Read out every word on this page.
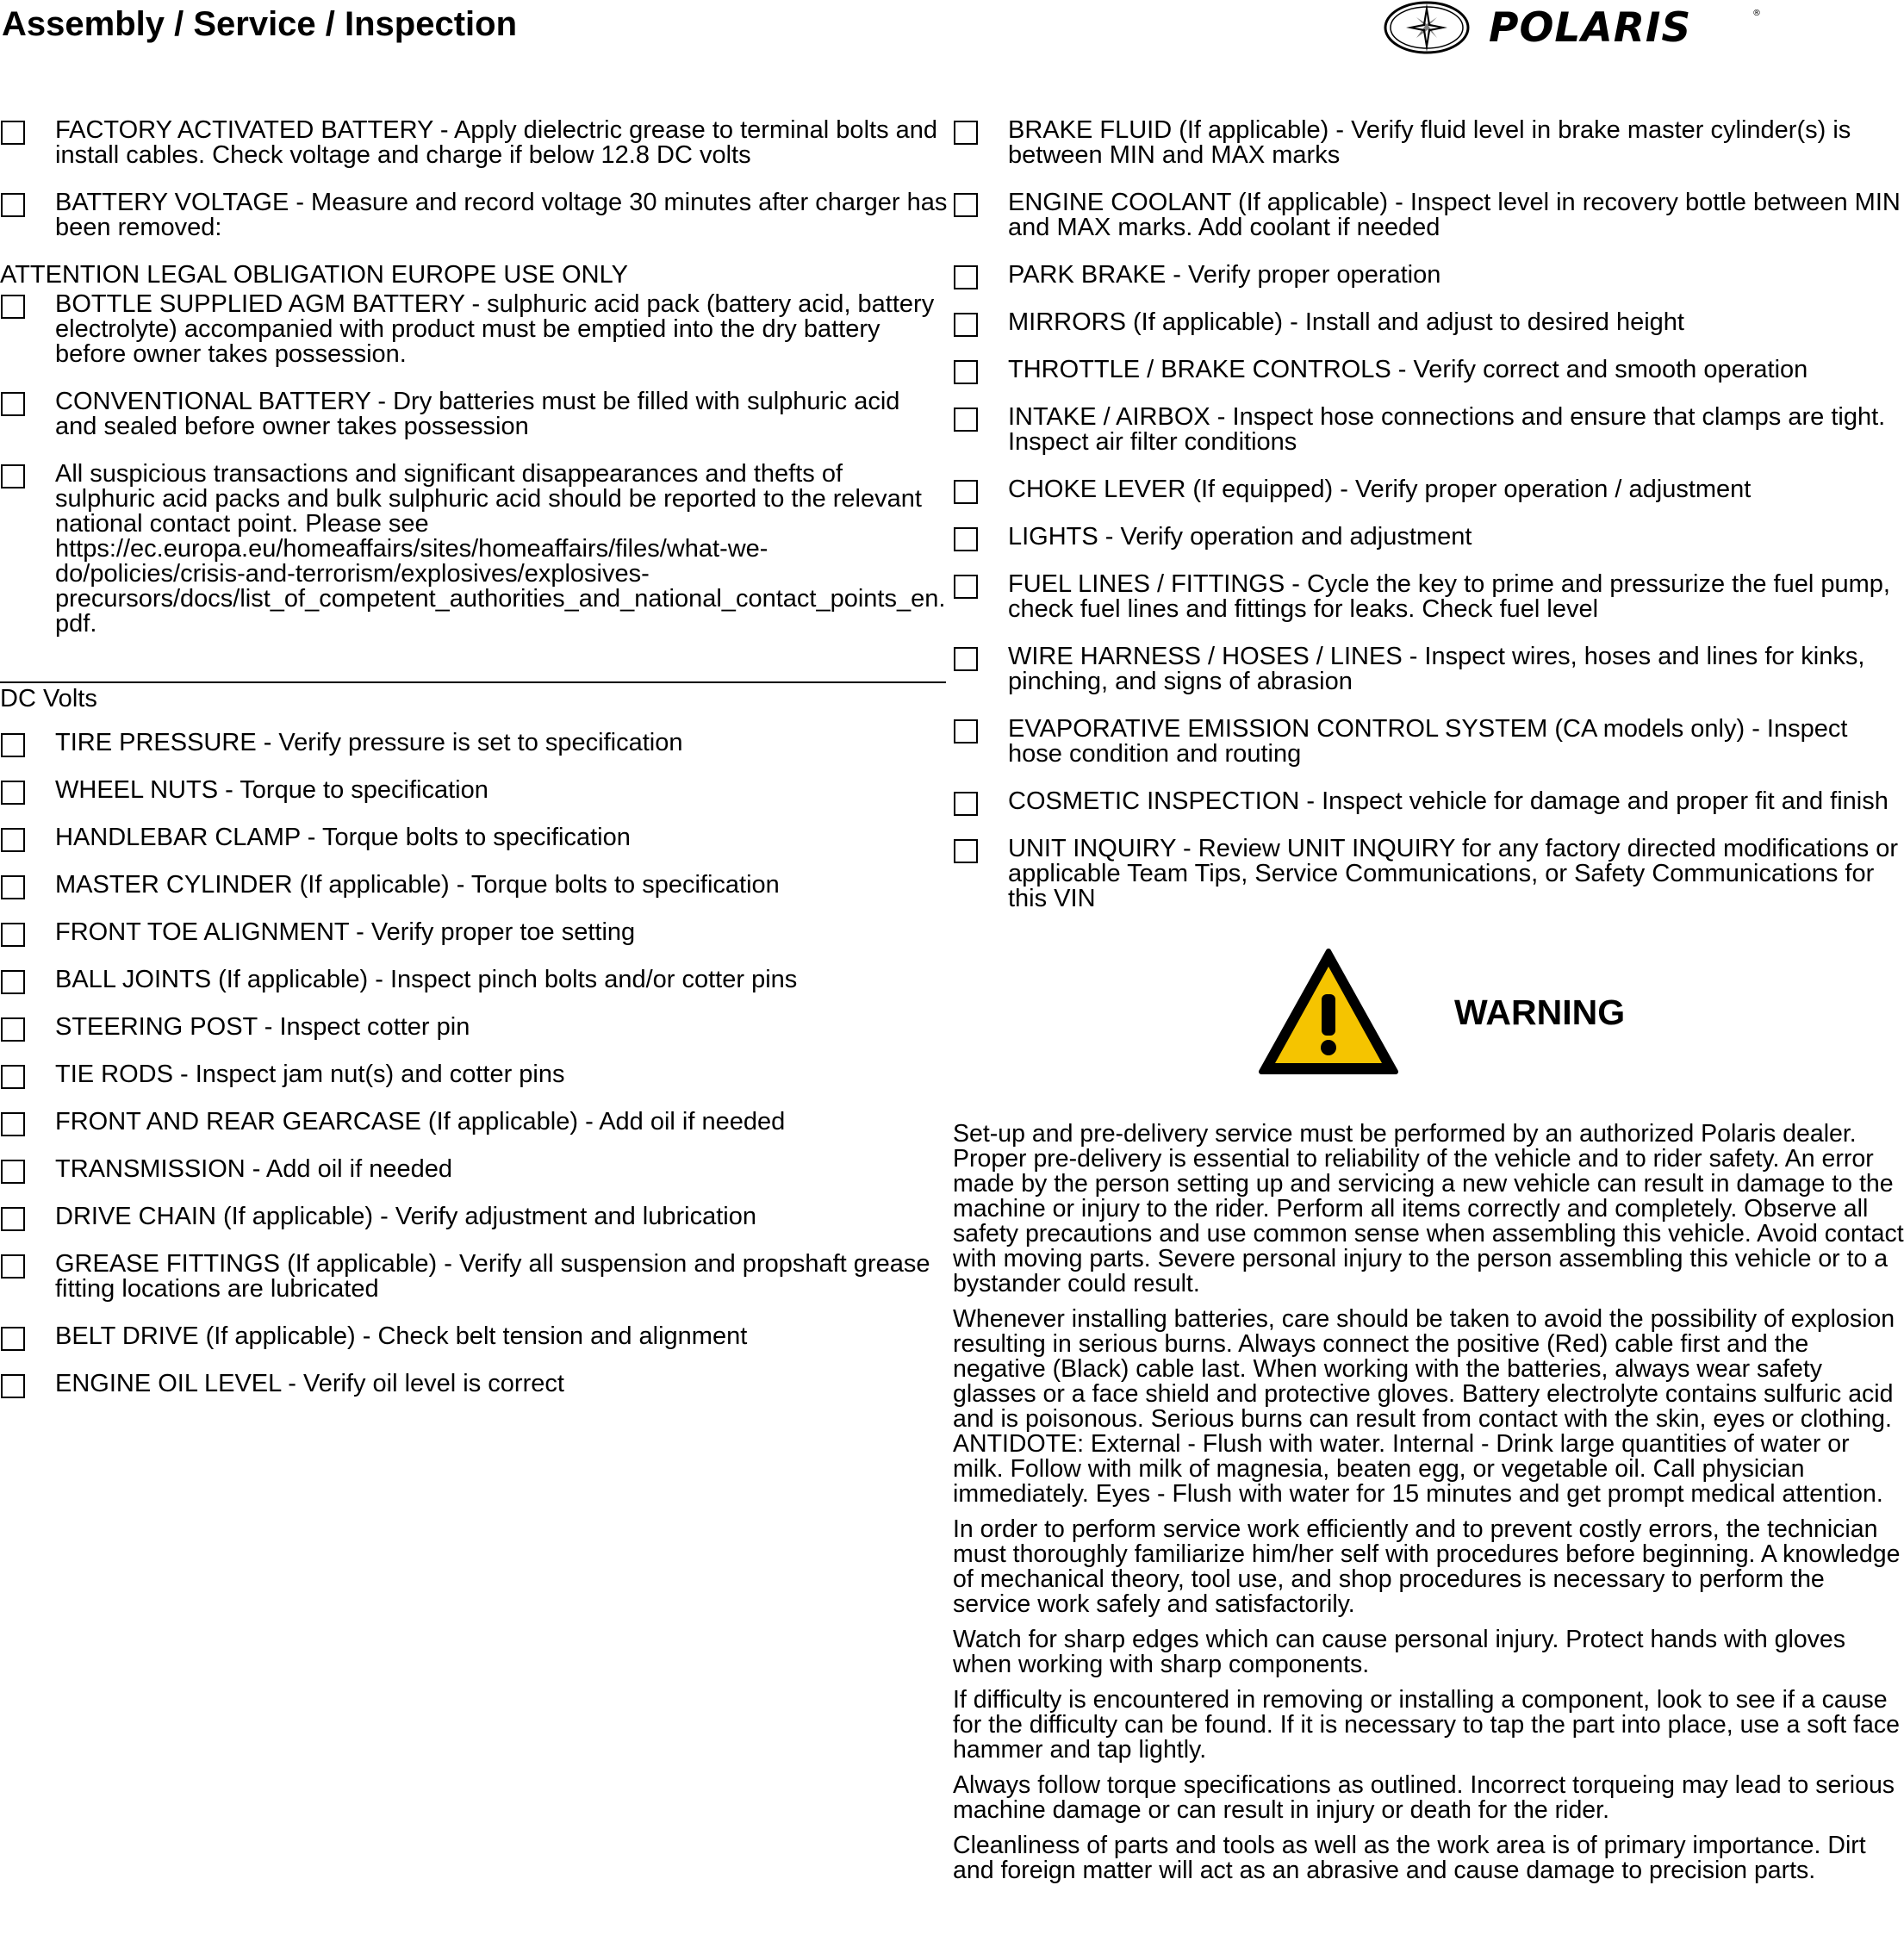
Assembly / Service / Inspection	POLARIS	®
FACTORY ACTIVATED BATTERY - Apply dielectric grease to terminal bolts and install cables. Check voltage and charge if below 12.8 DC volts
BATTERY VOLTAGE - Measure and record voltage 30 minutes after charger has been removed:
ATTENTION LEGAL OBLIGATION EUROPE USE ONLY
BOTTLE SUPPLIED AGM BATTERY - sulphuric acid pack (battery acid, battery electrolyte) accompanied with product must be emptied into the dry battery before owner takes possession.
CONVENTIONAL BATTERY - Dry batteries must be filled with sulphuric acid and sealed before owner takes possession
All suspicious transactions and significant disappearances and thefts of sulphuric acid packs and bulk sulphuric acid should be reported to the relevant national contact point. Please see https://ec.europa.eu/homeaffairs/sites/homeaffairs/files/what-we-do/policies/crisis-and-terrorism/explosives/explosives-precursors/docs/list_of_competent_authorities_and_national_contact_points_en.pdf.
DC Volts
TIRE PRESSURE - Verify pressure is set to specification
WHEEL NUTS - Torque to specification
HANDLEBAR CLAMP - Torque bolts to specification
MASTER CYLINDER (If applicable) - Torque bolts to specification
FRONT TOE ALIGNMENT - Verify proper toe setting
BALL JOINTS (If applicable) - Inspect pinch bolts and/or cotter pins
STEERING POST - Inspect cotter pin
TIE RODS - Inspect jam nut(s) and cotter pins
FRONT AND REAR GEARCASE (If applicable) - Add oil if needed
TRANSMISSION - Add oil if needed
DRIVE CHAIN (If applicable) - Verify adjustment and lubrication
GREASE FITTINGS (If applicable) - Verify all suspension and propshaft grease fitting locations are lubricated
BELT DRIVE (If applicable) - Check belt tension and alignment
ENGINE OIL LEVEL - Verify oil level is correct
BRAKE FLUID (If applicable) - Verify fluid level in brake master cylinder(s) is between MIN and MAX marks
ENGINE COOLANT (If applicable) - Inspect level in recovery bottle between MIN and MAX marks. Add coolant if needed
PARK BRAKE - Verify proper operation
MIRRORS (If applicable) - Install and adjust to desired height
THROTTLE / BRAKE CONTROLS - Verify correct and smooth operation
INTAKE / AIRBOX - Inspect hose connections and ensure that clamps are tight. Inspect air filter conditions
CHOKE LEVER (If equipped) - Verify proper operation / adjustment
LIGHTS - Verify operation and adjustment
FUEL LINES / FITTINGS - Cycle the key to prime and pressurize the fuel pump, check fuel lines and fittings for leaks. Check fuel level
WIRE HARNESS / HOSES / LINES - Inspect wires, hoses and lines for kinks, pinching, and signs of abrasion
EVAPORATIVE EMISSION CONTROL SYSTEM (CA models only) - Inspect hose condition and routing
COSMETIC INSPECTION - Inspect vehicle for damage and proper fit and finish
UNIT INQUIRY - Review UNIT INQUIRY for any factory directed modifications or applicable Team Tips, Service Communications, or Safety Communications for this VIN
WARNING
Set-up and pre-delivery service must be performed by an authorized Polaris dealer. Proper pre-delivery is essential to reliability of the vehicle and to rider safety. An error made by the person setting up and servicing a new vehicle can result in damage to the machine or injury to the rider. Perform all items correctly and completely. Observe all safety precautions and use common sense when assembling this vehicle. Avoid contact with moving parts. Severe personal injury to the person assembling this vehicle or to a bystander could result.
Whenever installing batteries, care should be taken to avoid the possibility of explosion resulting in serious burns. Always connect the positive (Red) cable first and the negative (Black) cable last. When working with the batteries, always wear safety glasses or a face shield and protective gloves. Battery electrolyte contains sulfuric acid and is poisonous. Serious burns can result from contact with the skin, eyes or clothing. ANTIDOTE: External - Flush with water. Internal - Drink large quantities of water or milk. Follow with milk of magnesia, beaten egg, or vegetable oil. Call physician immediately. Eyes - Flush with water for 15 minutes and get prompt medical attention.
In order to perform service work efficiently and to prevent costly errors, the technician must thoroughly familiarize him/her self with procedures before beginning. A knowledge of mechanical theory, tool use, and shop procedures is necessary to perform the service work safely and satisfactorily.
Watch for sharp edges which can cause personal injury. Protect hands with gloves when working with sharp components.
If difficulty is encountered in removing or installing a component, look to see if a cause for the difficulty can be found. If it is necessary to tap the part into place, use a soft face hammer and tap lightly.
Always follow torque specifications as outlined. Incorrect torqueing may lead to serious machine damage or can result in injury or death for the rider.
Cleanliness of parts and tools as well as the work area is of primary importance. Dirt and foreign matter will act as an abrasive and cause damage to precision parts.
